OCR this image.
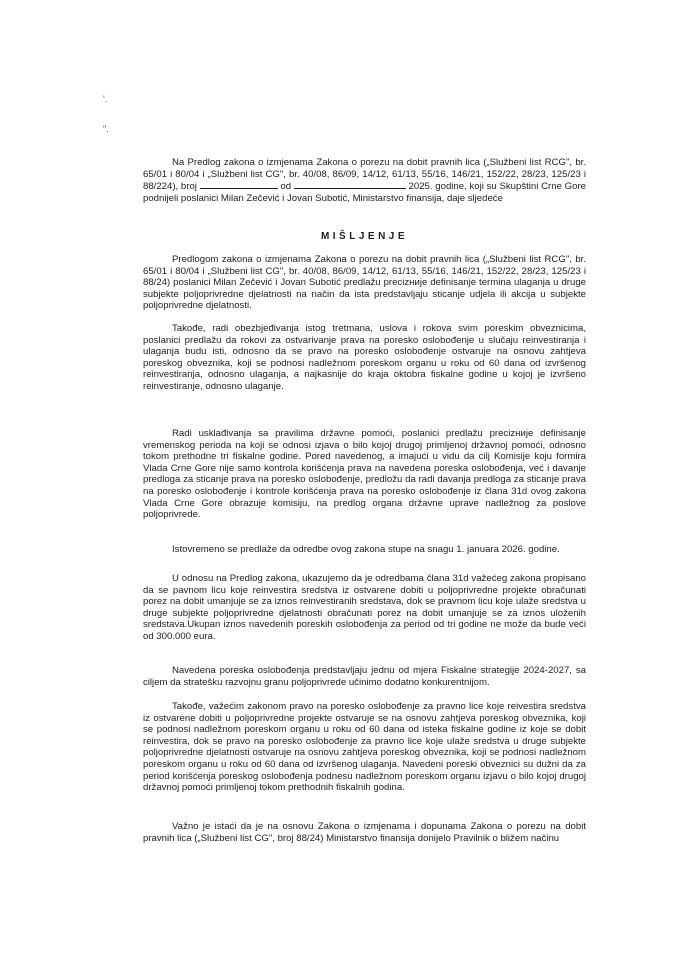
'.
".
Na Predlog zakona o izmjenama Zakona o porezu na dobit pravnih lica („Službeni list RCG", br. 65/01 i 80/04 i „Službeni list CG", br. 40/08, 86/09, 14/12, 61/13, 55/16, 146/21, 152/22, 28/23, 125/23 i 88/224), broj	od	2025. godine, koji su Skupštini Crne Gore podnijeli poslanici Milan Zečević i Jovan Subotić, Ministarstvo finansija, daje sljedeće
MIŠLJENJE
Predlogom zakona o izmjenama Zakona o porezu na dobit pravnih lica („Službeni list RCG", br. 65/01 i 80/04 i „Službeni list CG", br. 40/08, 86/09, 14/12, 61/13, 55/16, 146/21, 152/22, 28/23, 125/23 i 88/24) poslanici Milan Zečević i Jovan Subotić predlažu precizније definisanje termina ulaganja u druge subjekte poljoprivredne djelatnosti na način da ista predstavljaju sticanje udjela ili akcija u subjekte poljoprivredne djelatnosti.
Takođe, radi obezbjeđivanja istog tretmana, uslova i rokova svim poreskim obveznicima, poslanici predlažu da rokovi za ostvarivanje prava na poresko oslobođenje u slučaju reinvestiranja i ulaganja budu isti, odnosno da se pravo na poresko oslobođenje ostvaruje na osnovu zahtjeva poreskog obveznika, koji se podnosi nadležnom poreskom organu u roku od 60 dana od izvršenog reinvestiranja, odnosno ulaganja, a najkasnije do kraja oktobra fiskalne godine u kojoj je izvršeno reinvestiranje, odnosno ulaganje.
Radi usklađivanja sa pravilima državne pomoći, poslanici predlažu precizније definisanje vremenskog perioda na koji se odnosi izjava o bilo kojoj drugoj primljenoj državnoj pomoći, odnosno tokom prethodne tri fiskalne godine. Pored navedenog, a imajući u vidu da cilj Komisije koju formira Vlada Crne Gore nije samo kontrola korišćenja prava na navedena poreska oslobođenja, već i davanje predloga za sticanje prava na poresko oslobođenje, predložu da radi davanja predloga za sticanje prava na poresko oslobođenje i kontrole korišćenja prava na poresko oslobođenje iz člana 31d ovog zakona Vlada Crne Gore obrazuje komisiju, na predlog organa državne uprave nadležnog za poslove poljoprivrede.
Istovremeno se predlaže da odredbe ovog zakona stupe na snagu 1. januara 2026. godine.
U odnosu na Predlog zakona, ukazujemo da je odredbama člana 31d važećeg zakona propisano da se pavnom licu koje reinvestira sredstva iz ostvarene dobiti u poljoprivredne projekte obračunati porez na dobit umanjuje se za iznos reinvestiranih sredstava, dok se pravnom licu koje ulaže sredstva u druge subjekte poljoprivredne djelatnosti obračunati porez na dobit umanjuje se za iznos uloženih sredstava.Ukupan iznos navedenih poreskih oslobođenja za period od tri godine ne može da bude veći od 300.000 eura.
Navedena poreska oslobođenja predstavljaju jednu od mjera Fiskalne strategije 2024-2027, sa ciljem da stratešku razvojnu granu poljoprivrede učinimo dodatno konkurentnijom.
Takođe, važećim zakonom pravo na poresko oslobođenje za pravno lice koje reivestira sredstva iz ostvarene dobiti u poljoprivredne projekte ostvaruje se na osnovu zahtjeva poreskog obveznika, koji se podnosi nadležnom poreskom organu u roku od 60 dana od isteka fiskalne godine iz koje se dobit reinvestira, dok se pravo na poresko oslobođenje za pravno lice koje ulaže sredstva u druge subjekte poljoprivredne djelatnosti ostvaruje na osnovu zahtjeva poreskog obveznika, koji se podnosi nadležnom poreskom organu u roku od 60 dana od izvršenog ulaganja. Navedeni poreski obveznici su dužni da za period korišćenja poreskog oslobođenja podnesu nadležnom poreskom organu izjavu o bilo kojoj drugoj državnoj pomoći primljenoj tokom prethodnih fiskalnih godina.
Važno je istaći da je na osnovu Zakona o izmjenama i dopunama Zakona o porezu na dobit pravnih lica („Službeni list CG", broj 88/24) Ministarstvo finansija donijelo Pravilnik o bližem načinu
